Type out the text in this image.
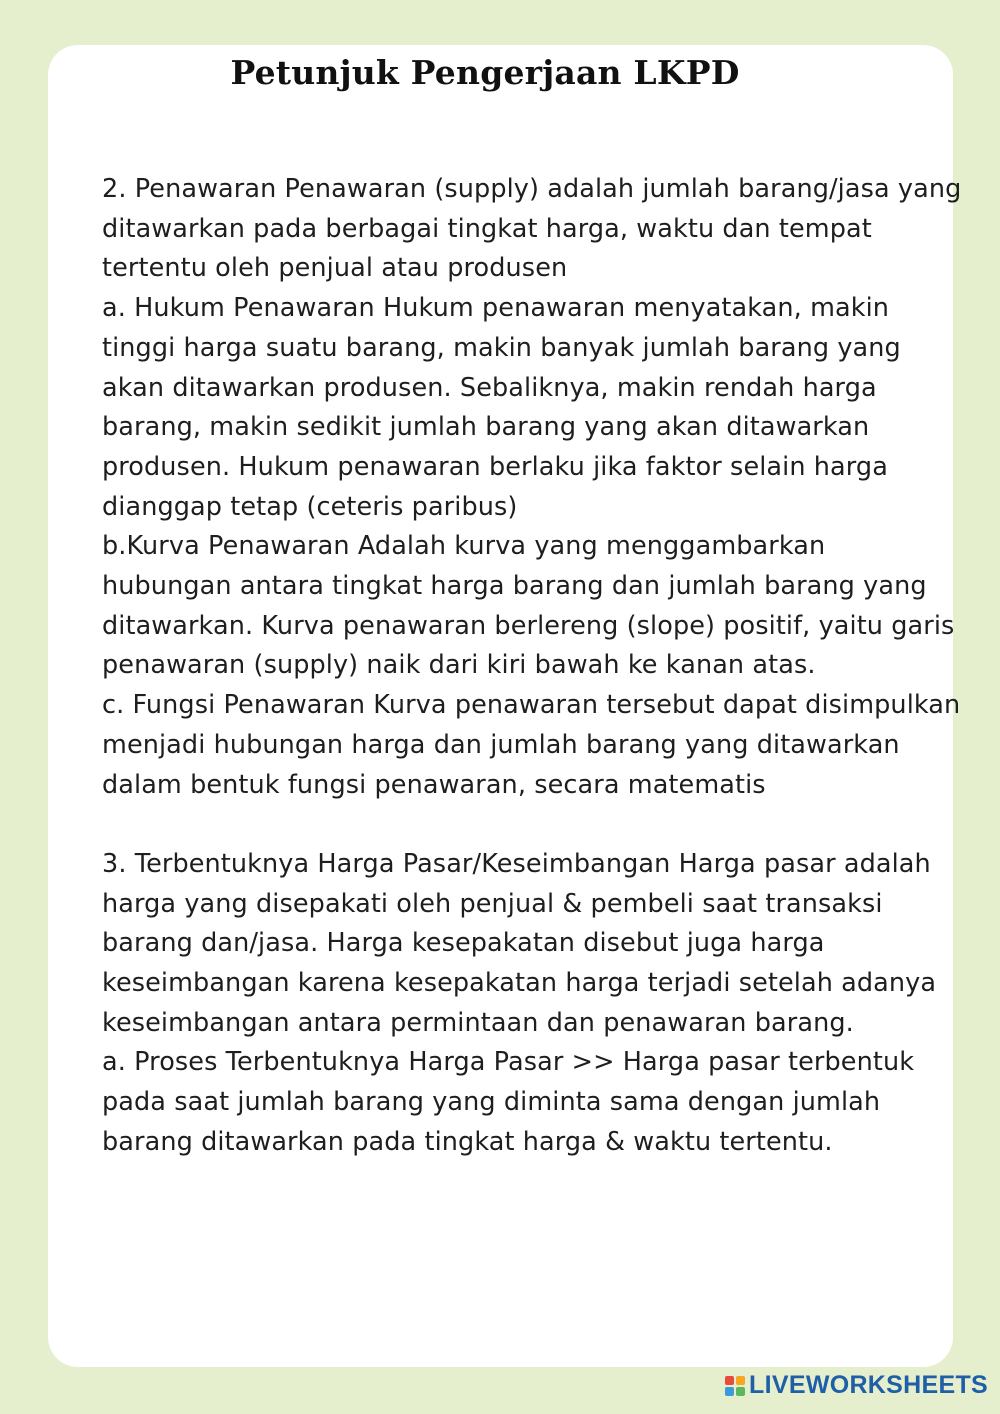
Petunjuk Pengerjaan LKPD

2. Penawaran Penawaran (supply) adalah jumlah barang/jasa yang ditawarkan pada berbagai tingkat harga, waktu dan tempat tertentu oleh penjual atau produsen

a. Hukum Penawaran Hukum penawaran menyatakan, makin tinggi harga suatu barang, makin banyak jumlah barang yang akan ditawarkan produsen. Sebaliknya, makin rendah harga barang, makin sedikit jumlah barang yang akan ditawarkan produsen. Hukum penawaran berlaku jika faktor selain harga dianggap tetap (ceteris paribus)

b.Kurva Penawaran Adalah kurva yang menggambarkan hubungan antara tingkat harga barang dan jumlah barang yang ditawarkan. Kurva penawaran berlereng (slope) positif, yaitu garis penawaran (supply) naik dari kiri bawah ke kanan atas.

c. Fungsi Penawaran Kurva penawaran tersebut dapat disimpulkan menjadi hubungan harga dan jumlah barang yang ditawarkan dalam bentuk fungsi penawaran, secara matematis

3. Terbentuknya Harga Pasar/Keseimbangan Harga pasar adalah harga yang disepakati oleh penjual & pembeli saat transaksi barang dan/jasa. Harga kesepakatan disebut juga harga keseimbangan karena kesepakatan harga terjadi setelah adanya keseimbangan antara permintaan dan penawaran barang.

a. Proses Terbentuknya Harga Pasar >> Harga pasar terbentuk pada saat jumlah barang yang diminta sama dengan jumlah barang ditawarkan pada tingkat harga & waktu tertentu.

LIVEWORKSHEETS
